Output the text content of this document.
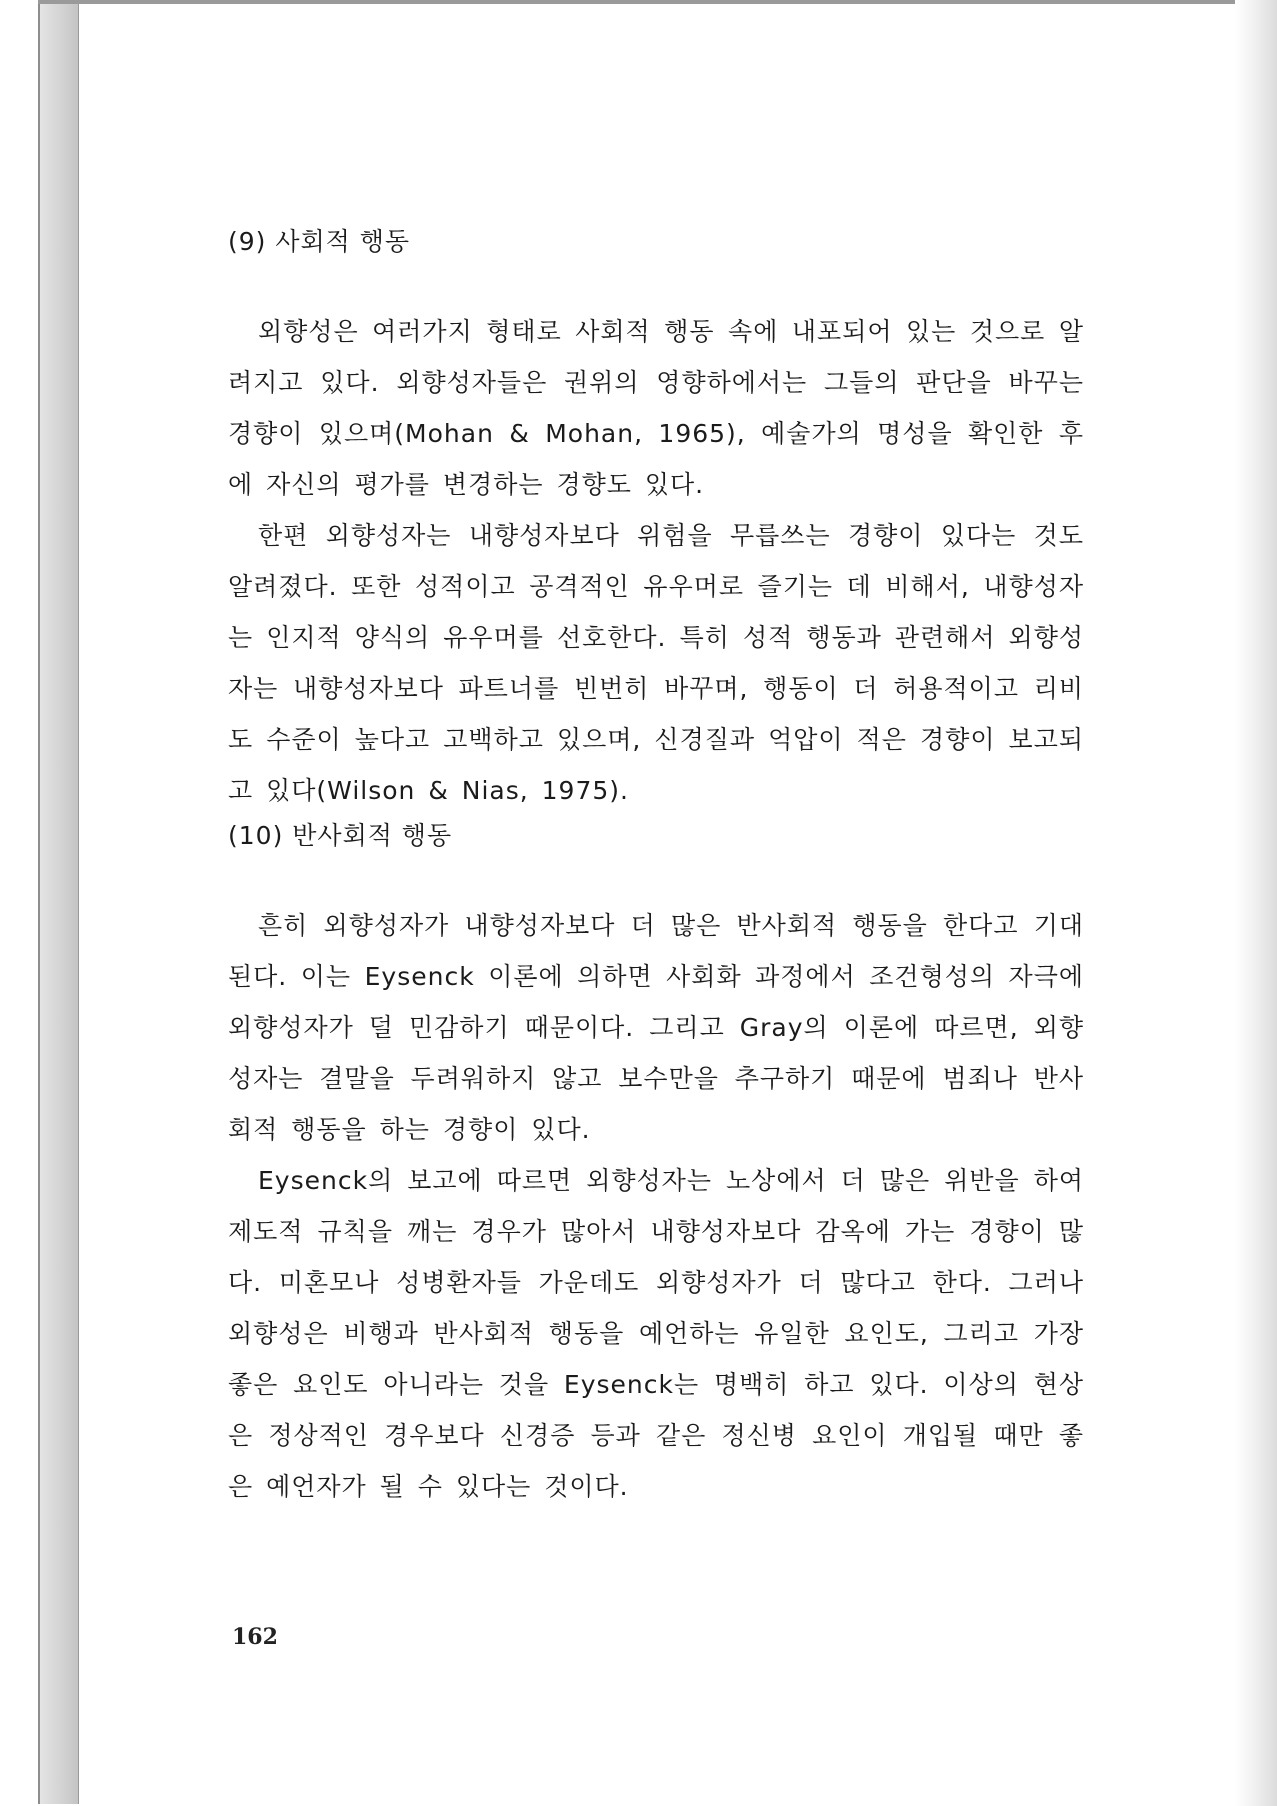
(9) 사회적 행동

외향성은 여러가지 형태로 사회적 행동 속에 내포되어 있는 것으로 알려지고 있다. 외향성자들은 권위의 영향하에서는 그들의 판단을 바꾸는 경향이 있으며(Mohan & Mohan, 1965), 예술가의 명성을 확인한 후에 자신의 평가를 변경하는 경향도 있다.

한편 외향성자는 내향성자보다 위험을 무릅쓰는 경향이 있다는 것도 알려졌다. 또한 성적이고 공격적인 유우머로 즐기는 데 비해서, 내향성자는 인지적 양식의 유우머를 선호한다. 특히 성적 행동과 관련해서 외향성자는 내향성자보다 파트너를 빈번히 바꾸며, 행동이 더 허용적이고 리비도 수준이 높다고 고백하고 있으며, 신경질과 억압이 적은 경향이 보고되고 있다(Wilson & Nias, 1975).

(10) 반사회적 행동

흔히 외향성자가 내향성자보다 더 많은 반사회적 행동을 한다고 기대된다. 이는 Eysenck 이론에 의하면 사회화 과정에서 조건형성의 자극에 외향성자가 덜 민감하기 때문이다. 그리고 Gray의 이론에 따르면, 외향성자는 결말을 두려워하지 않고 보수만을 추구하기 때문에 범죄나 반사회적 행동을 하는 경향이 있다.

Eysenck의 보고에 따르면 외향성자는 노상에서 더 많은 위반을 하여 제도적 규칙을 깨는 경우가 많아서 내향성자보다 감옥에 가는 경향이 많다. 미혼모나 성병환자들 가운데도 외향성자가 더 많다고 한다. 그러나 외향성은 비행과 반사회적 행동을 예언하는 유일한 요인도, 그리고 가장 좋은 요인도 아니라는 것을 Eysenck는 명백히 하고 있다. 이상의 현상은 정상적인 경우보다 신경증 등과 같은 정신병 요인이 개입될 때만 좋은 예언자가 될 수 있다는 것이다.

162
